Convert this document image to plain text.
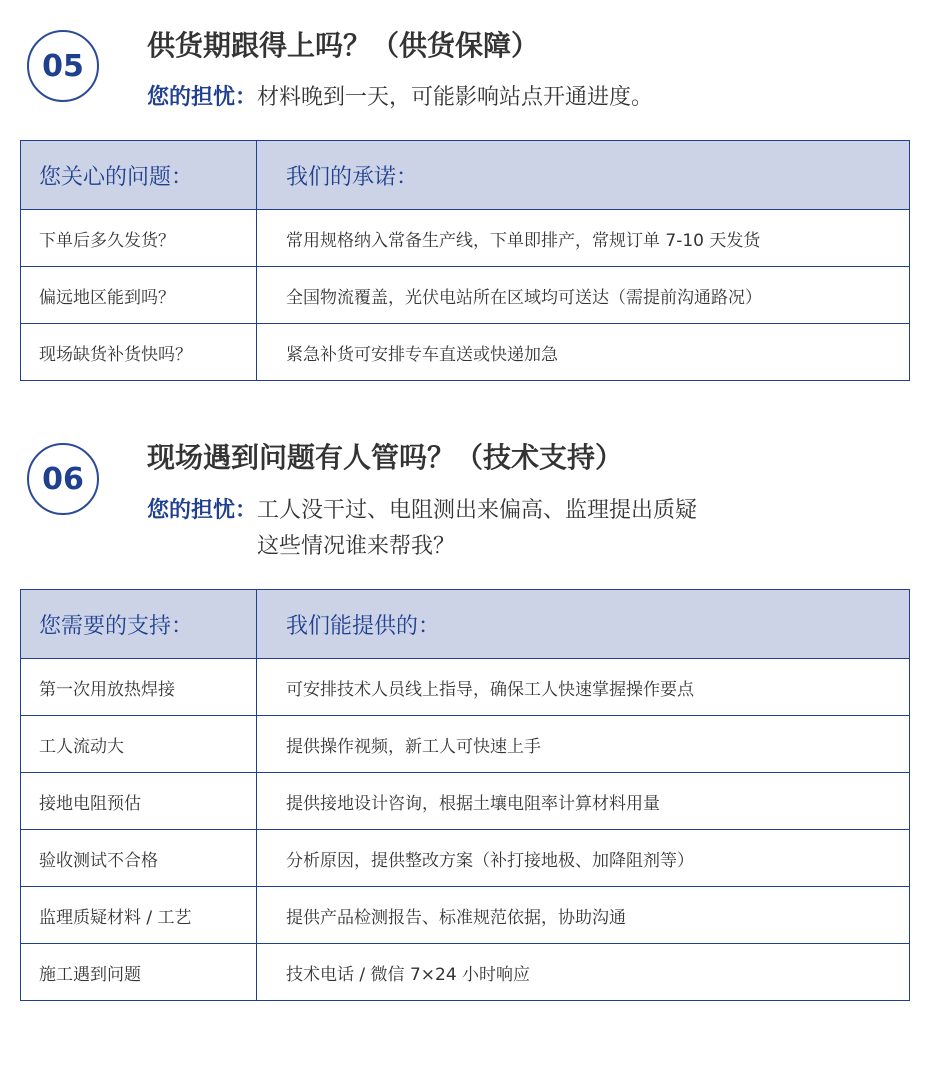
05
供货期跟得上吗？（供货保障）
您的担忧： 材料晚到一天，可能影响站点开通进度。
您关心的问题：	我们的承诺：
下单后多久发货？	常用规格纳入常备生产线，下单即排产，常规订单 7-10 天发货
偏远地区能到吗？	全国物流覆盖，光伏电站所在区域均可送达（需提前沟通路况）
现场缺货补货快吗？	紧急补货可安排专车直送或快递加急
06
现场遇到问题有人管吗？（技术支持）
您的担忧： 工人没干过、电阻测出来偏高、监理提出质疑
这些情况谁来帮我？
您需要的支持：	我们能提供的：
第一次用放热焊接	可安排技术人员线上指导，确保工人快速掌握操作要点
工人流动大	提供操作视频，新工人可快速上手
接地电阻预估	提供接地设计咨询，根据土壤电阻率计算材料用量
验收测试不合格	分析原因，提供整改方案（补打接地极、加降阻剂等）
监理质疑材料 / 工艺	提供产品检测报告、标准规范依据，协助沟通
施工遇到问题	技术电话 / 微信 7×24 小时响应
